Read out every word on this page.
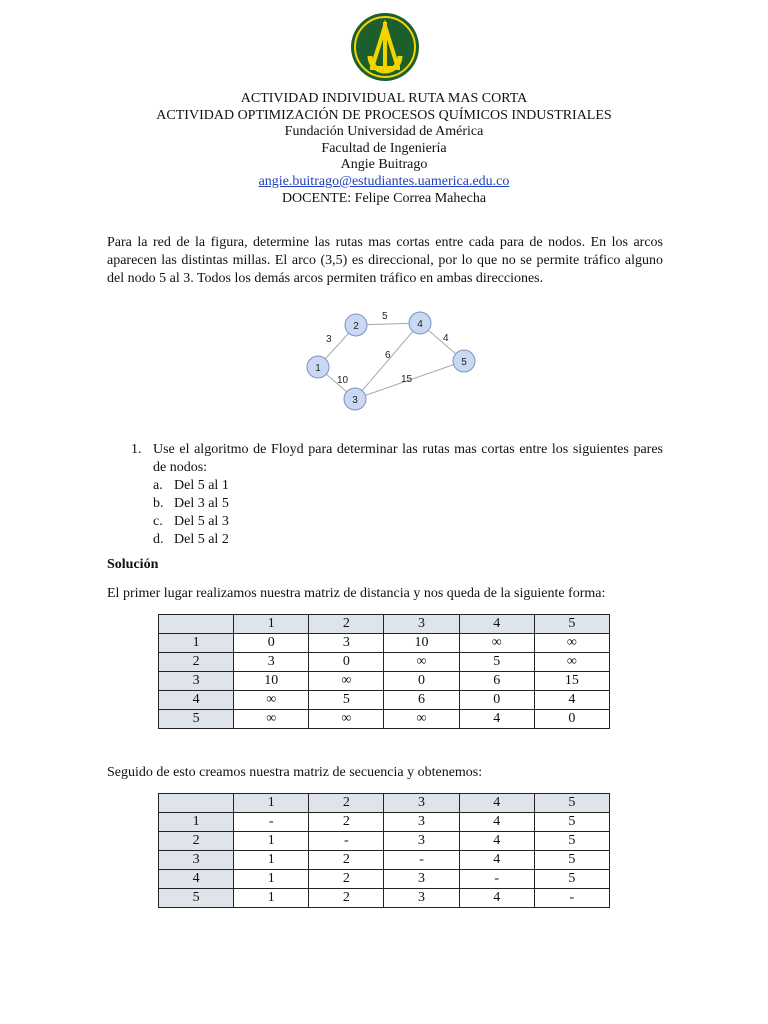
ACTIVIDAD INDIVIDUAL RUTA MAS CORTA
ACTIVIDAD OPTIMIZACIÓN DE PROCESOS QUÍMICOS INDUSTRIALES
Fundación Universidad de América
Facultad de Ingeniería
Angie Buitrago
angie.buitrago@estudiantes.uamerica.edu.co
DOCENTE: Felipe Correa Mahecha
Para la red de la figura, determine las rutas mas cortas entre cada para de nodos. En los arcos aparecen las distintas millas. El arco (3,5) es direccional, por lo que no se permite tráfico alguno del nodo 5 al 3. Todos los demás arcos permiten tráfico en ambas direcciones.
3
10
5
6
15
4
1
2
3
4
5
1. Use el algoritmo de Floyd para determinar las rutas mas cortas entre los siguientes pares de nodos:
a. Del 5 al 1
b. Del 3 al 5
c. Del 5 al 3
d. Del 5 al 2
Solución
El primer lugar realizamos nuestra matriz de distancia y nos queda de la siguiente forma:
	1	2	3	4	5
1	0	3	10	∞	∞
2	3	0	∞	5	∞
3	10	∞	0	6	15
4	∞	5	6	0	4
5	∞	∞	∞	4	0
Seguido de esto creamos nuestra matriz de secuencia y obtenemos:
	1	2	3	4	5
1	-	2	3	4	5
2	1	-	3	4	5
3	1	2	-	4	5
4	1	2	3	-	5
5	1	2	3	4	-
